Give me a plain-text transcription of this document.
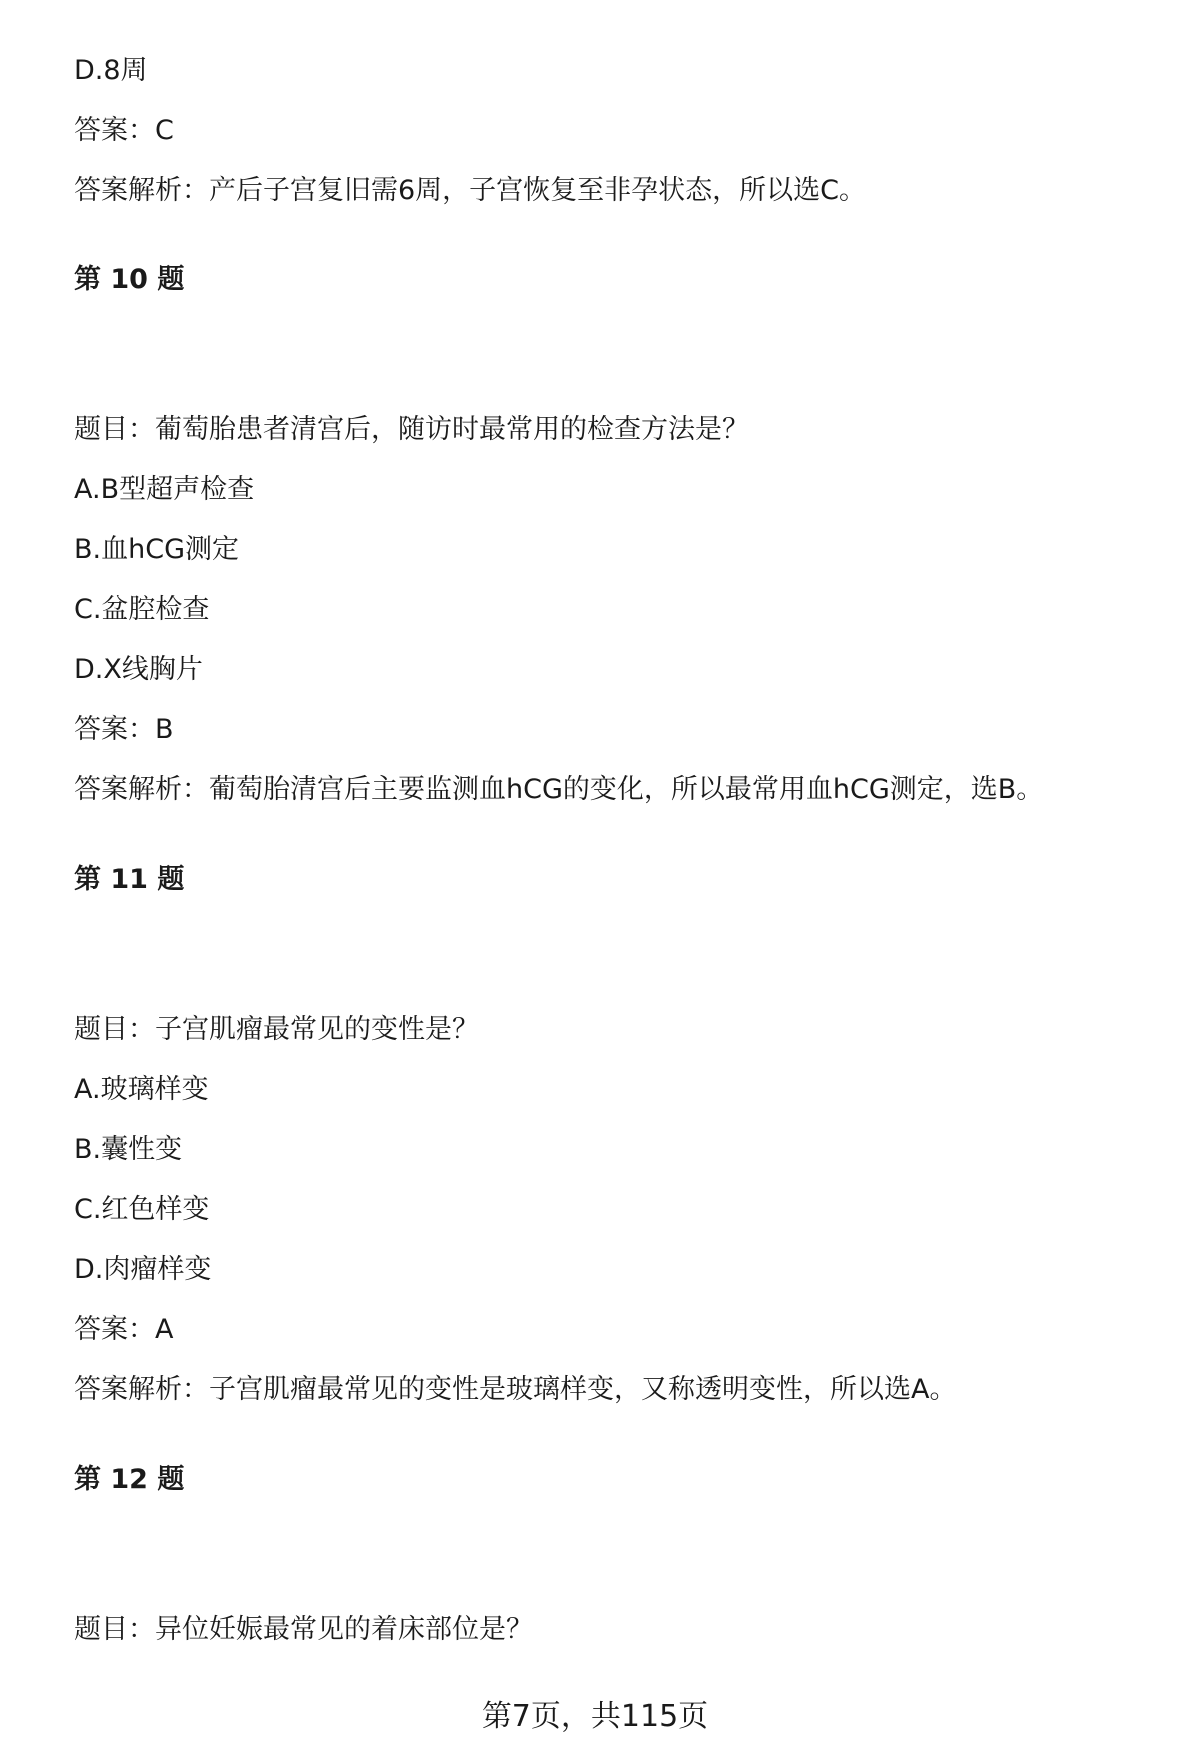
D.8周
答案：C
答案解析：产后子宫复旧需6周，子宫恢复至非孕状态，所以选C。
第 10 题
题目：葡萄胎患者清宫后，随访时最常用的检查方法是？
A.B型超声检查
B.血hCG测定
C.盆腔检查
D.X线胸片
答案：B
答案解析：葡萄胎清宫后主要监测血hCG的变化，所以最常用血hCG测定，选B。
第 11 题
题目：子宫肌瘤最常见的变性是？
A.玻璃样变
B.囊性变
C.红色样变
D.肉瘤样变
答案：A
答案解析：子宫肌瘤最常见的变性是玻璃样变，又称透明变性，所以选A。
第 12 题
题目：异位妊娠最常见的着床部位是？
第7页，共115页
